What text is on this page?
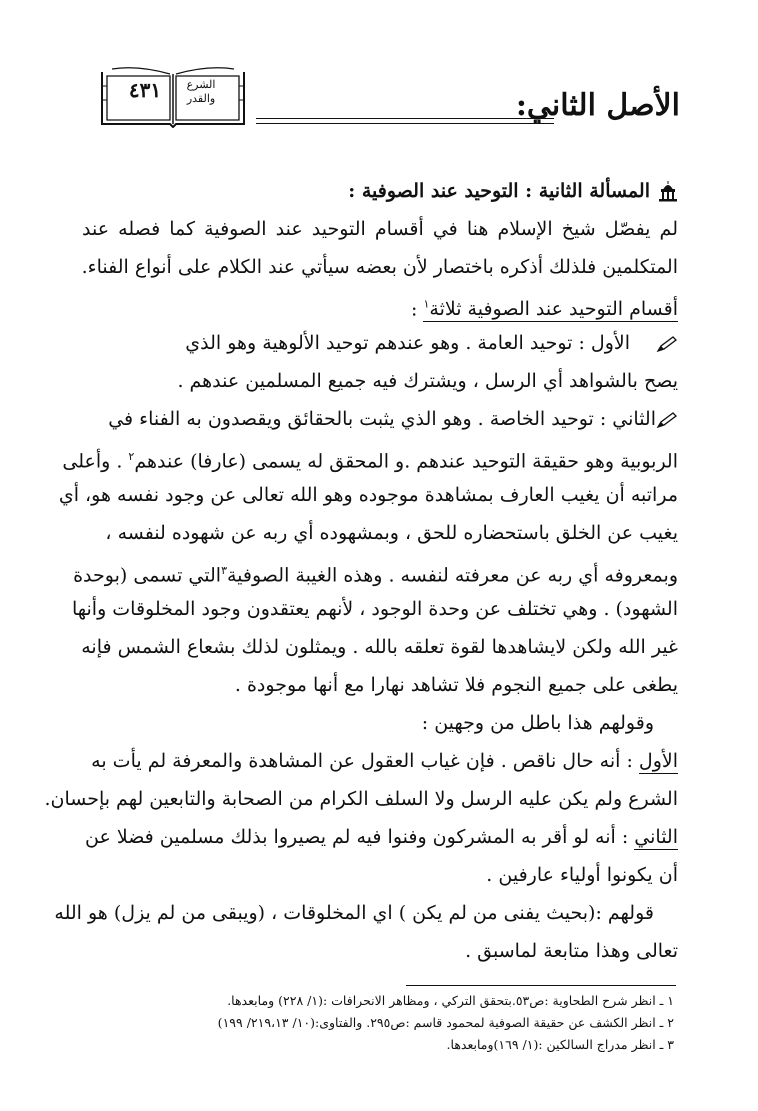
٤٣١	الشرع والقدر	الأصل الثاني:
المسألة الثانية : التوحيد عند الصوفية :
لم يفصّل شيخ الإسلام هنا في أقسام التوحيد عند الصوفية كما فصله عند
المتكلمين فلذلك أذكره باختصار لأن بعضه سيأتي عند الكلام على أنواع الفناء.
أقسام التوحيد عند الصوفية ثلاثة$^١$ :
الأول : توحيد العامة . وهو عندهم توحيد الألوهية وهو الذي
يصح بالشواهد أي الرسل ، ويشترك فيه جميع المسلمين عندهم .
الثاني : توحيد الخاصة . وهو الذي يثبت بالحقائق ويقصدون به الفناء في
الربوبية وهو حقيقة التوحيد عندهم .و المحقق له يسمى (عارفا) عندهم$^٢$ . وأعلى
مراتبه أن يغيب العارف بمشاهدة موجوده وهو الله تعالى عن وجود نفسه هو، أي
يغيب عن الخلق باستحضاره للحق ، وبمشهوده أي ربه عن شهوده لنفسه ،
وبمعروفه أي ربه عن معرفته لنفسه . وهذه الغيبة الصوفية$^٣$التي تسمى (بوحدة
الشهود) . وهي تختلف عن وحدة الوجود ، لأنهم يعتقدون وجود المخلوقات وأنها
غير الله ولكن لايشاهدها لقوة تعلقه بالله . ويمثلون لذلك بشعاع الشمس فإنه
يطغى على جميع النجوم فلا تشاهد نهارا مع أنها موجودة .
وقولهم هذا باطل من وجهين :
الأول : أنه حال ناقص . فإن غياب العقول عن المشاهدة والمعرفة لم يأت به
الشرع ولم يكن عليه الرسل ولا السلف الكرام من الصحابة والتابعين لهم بإحسان.
الثاني : أنه لو أقر به المشركون وفنوا فيه لم يصيروا بذلك مسلمين فضلا عن
أن يكونوا أولياء عارفين .
قولهم :(بحيث يفنى من لم يكن ) اي المخلوقات ، (ويبقى من لم يزل) هو الله
تعالى وهذا متابعة لماسبق .
١ ـ انظر شرح الطحاوية :ص٥٣.بتحقق التركي ، ومظاهر الانحرافات :(١/ ٢٢٨) ومابعدها.
٢ ـ انظر الكشف عن حقيقة الصوفية لمحمود قاسم :ص٢٩٥. والفتاوى:(١٠/ ٢١٩،١٣/ ١٩٩)
٣ ـ انظر مدراج السالكين :(١/ ١٦٩)ومابعدها.
